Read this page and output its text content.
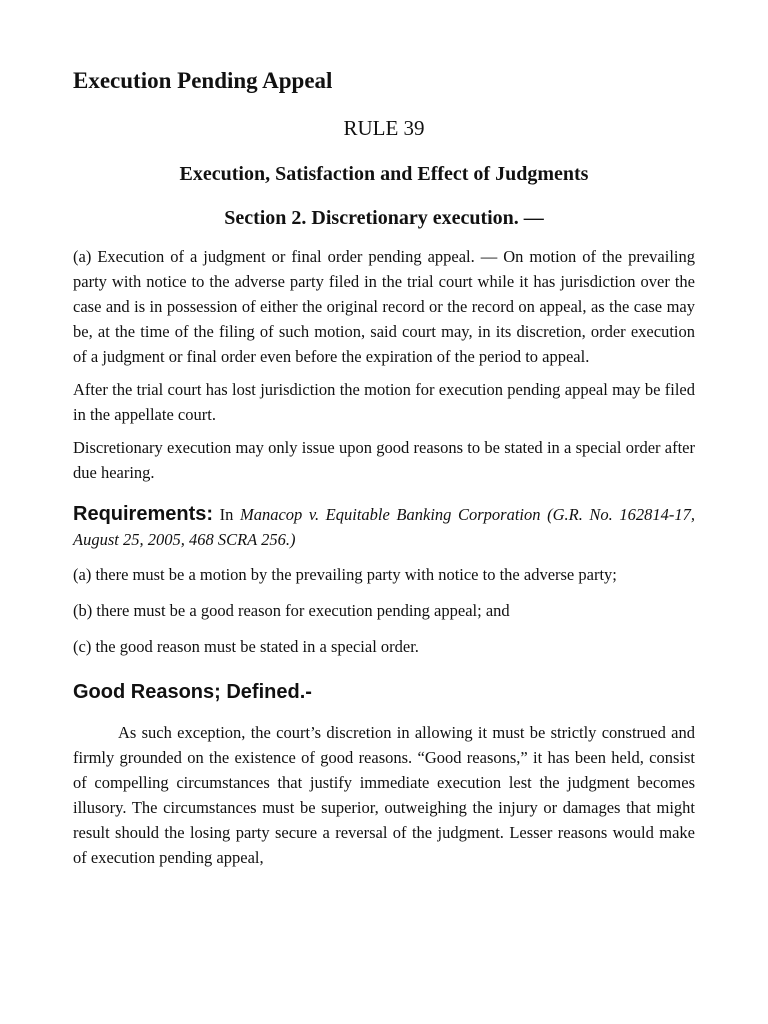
Execution Pending Appeal
RULE 39
Execution, Satisfaction and Effect of Judgments
Section 2. Discretionary execution. —

(a) Execution of a judgment or final order pending appeal. — On motion of the prevailing party with notice to the adverse party filed in the trial court while it has jurisdiction over the case and is in possession of either the original record or the record on appeal, as the case may be, at the time of the filing of such motion, said court may, in its discretion, order execution of a judgment or final order even before the expiration of the period to appeal.

After the trial court has lost jurisdiction the motion for execution pending appeal may be filed in the appellate court.

Discretionary execution may only issue upon good reasons to be stated in a special order after due hearing.

Requirements: In Manacop v. Equitable Banking Corporation (G.R. No. 162814-17, August 25, 2005, 468 SCRA 256.)

(a) there must be a motion by the prevailing party with notice to the adverse party;

(b) there must be a good reason for execution pending appeal; and

(c) the good reason must be stated in a special order.

Good Reasons; Defined.-

As such exception, the court’s discretion in allowing it must be strictly construed and firmly grounded on the existence of good reasons. “Good reasons,” it has been held, consist of compelling circumstances that justify immediate execution lest the judgment becomes illusory. The circumstances must be superior, outweighing the injury or damages that might result should the losing party secure a reversal of the judgment. Lesser reasons would make of execution pending appeal,
